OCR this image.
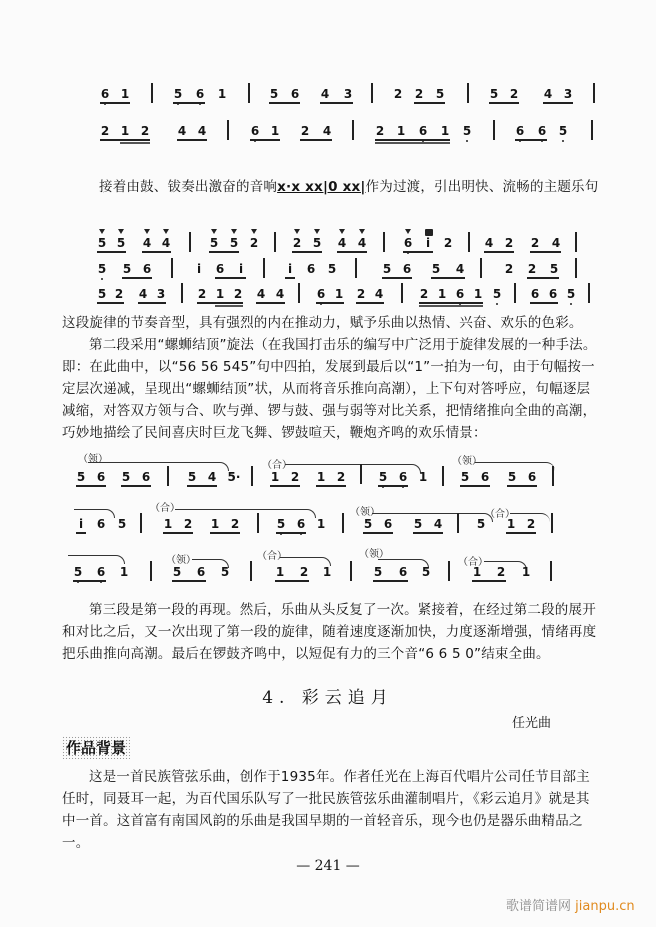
6 1	5 6 1	5 6 4 3	2 2 5	5 2 4 3
2 1 2 4 4	6 1 2 4	2 1 6 1 5	6 6 5
接着由鼓、钹奏出激奋的音响x·x xx|0 xx|作为过渡，引出明快、流畅的主题乐句
5 5 4 4	5 5 2	2 5 4 4	6 i 2	4 2 2 4
5 5 6	i 6 i	i 6 5	5 6 5 4	2 2 5
5 2 4 3	2 1 2 4 4	6 1 2 4	2 1 6 1 5 6 6 5
这段旋律的节奏音型，具有强烈的内在推动力，赋予乐曲以热情、兴奋、欢乐的色彩。
第二段采用“螺蛳结顶”旋法（在我国打击乐的编写中广泛用于旋律发展的一种手法。即：在此曲中，以“56 56 545”句中四拍，发展到最后以“1”一拍为一句，由于句幅按一定层次递减，呈现出“螺蛳结顶”状，从而将音乐推向高潮），上下句对答呼应，句幅逐层减缩，对答双方领与合、吹与弹、锣与鼓、强与弱等对比关系，把情绪推向全曲的高潮，巧妙地描绘了民间喜庆时巨龙飞舞、锣鼓喧天，鞭炮齐鸣的欢乐情景：
（领）
5 6 5 6	5 4 5·
（合）
1 2 1 2	5 6 1
（领）
5 6 5 6
i 6 5
（合）
1 2 1 2	5 6 1
（领）
5 6 5 4	5
（合）
1 2
5 6 1
（领）
5 6 5
（合）
1 2 1
（领）
5 6 5
（合）
1 2 1
第三段是第一段的再现。然后，乐曲从头反复了一次。紧接着，在经过第二段的展开和对比之后，又一次出现了第一段的旋律，随着速度逐渐加快，力度逐渐增强，情绪再度把乐曲推向高潮。最后在锣鼓齐鸣中，以短促有力的三个音“6 6 5 0”结束全曲。
4. 彩云追月
任光曲
作品背景
这是一首民族管弦乐曲，创作于1935年。作者任光在上海百代唱片公司任节目部主任时，同聂耳一起，为百代国乐队写了一批民族管弦乐曲灌制唱片，《彩云追月》就是其中一首。这首富有南国风韵的乐曲是我国早期的一首轻音乐，现今也仍是器乐曲精品之一。
— 241 —
歌谱简谱网 jianpu.cn
